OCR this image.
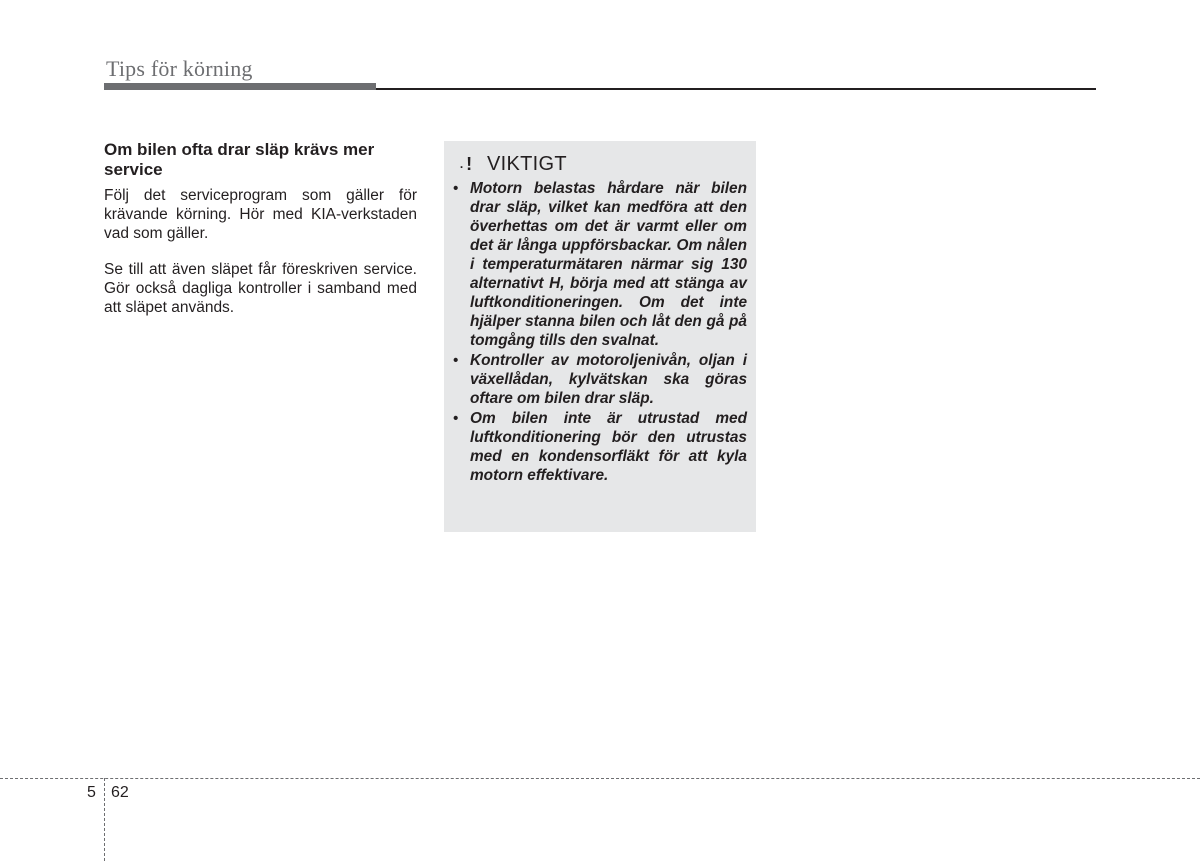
Tips för körning
Om bilen ofta drar släp krävs mer service

Följ det serviceprogram som gäller för krävande körning. Hör med KIA-verkstaden vad som gäller.

Se till att även släpet får föreskriven service. Gör också dagliga kontroller i samband med att släpet används.

. ! VIKTIGT
• Motorn belastas hårdare när bilen drar släp, vilket kan medföra att den överhettas om det är varmt eller om det är långa uppförsbackar. Om nålen i temperaturmätaren närmar sig 130 alternativt H, börja med att stänga av luftkonditioneringen. Om det inte hjälper stanna bilen och låt den gå på tomgång tills den svalnat.
• Kontroller av motoroljenivån, oljan i växellådan, kylvätskan ska göras oftare om bilen drar släp.
• Om bilen inte är utrustad med luftkonditionering bör den utrustas med en kondensorfläkt för att kyla motorn effektivare.
5 62
